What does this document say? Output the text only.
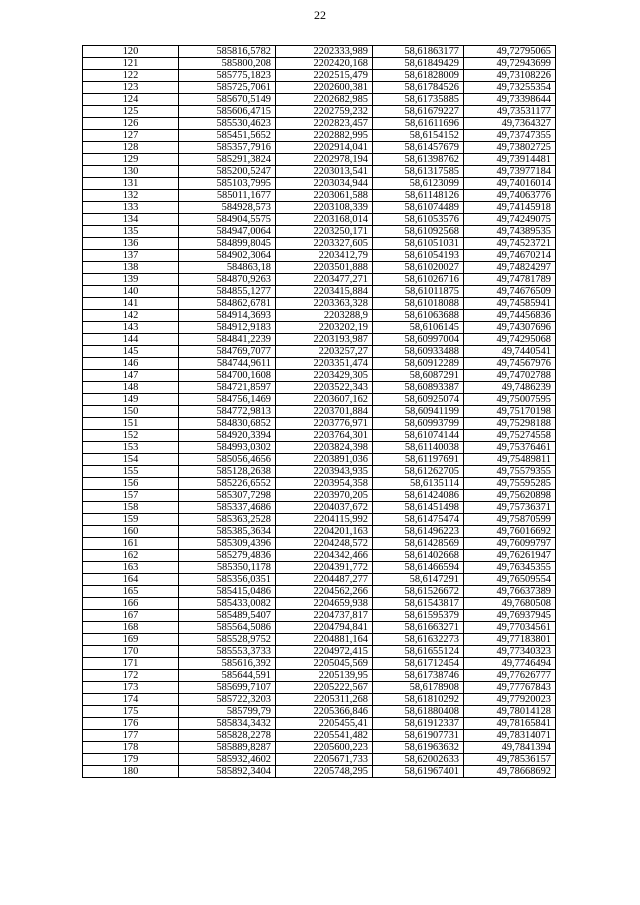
22
120	585816,5782	2202333,989	58,61863177	49,72795065
121	585800,208	2202420,168	58,61849429	49,72943699
122	585775,1823	2202515,479	58,61828009	49,73108226
123	585725,7061	2202600,381	58,61784526	49,73255354
124	585670,5149	2202682,985	58,61735885	49,73398644
125	585606,4715	2202759,232	58,61679227	49,73531177
126	585530,4623	2202823,457	58,61611696	49,7364327
127	585451,5652	2202882,995	58,6154152	49,73747355
128	585357,7916	2202914,041	58,61457679	49,73802725
129	585291,3824	2202978,194	58,61398762	49,73914481
130	585200,5247	2203013,541	58,61317585	49,73977184
131	585103,7995	2203034,944	58,6123099	49,74016014
132	585011,1677	2203061,588	58,61148126	49,74063776
133	584928,573	2203108,339	58,61074489	49,74145918
134	584904,5575	2203168,014	58,61053576	49,74249075
135	584947,0064	2203250,171	58,61092568	49,74389535
136	584899,8045	2203327,605	58,61051031	49,74523721
137	584902,3064	2203412,79	58,61054193	49,74670214
138	584863,18	2203501,888	58,61020027	49,74824297
139	584870,9263	2203477,271	58,61026716	49,74781789
140	584855,1277	2203415,884	58,61011875	49,74676509
141	584862,6781	2203363,328	58,61018088	49,74585941
142	584914,3693	2203288,9	58,61063688	49,74456836
143	584912,9183	2203202,19	58,6106145	49,74307696
144	584841,2239	2203193,987	58,60997004	49,74295068
145	584769,7077	2203257,27	58,60933488	49,7440541
146	584744,9611	2203351,474	58,60912289	49,74567976
147	584700,1608	2203429,305	58,6087291	49,74702788
148	584721,8597	2203522,343	58,60893387	49,7486239
149	584756,1469	2203607,162	58,60925074	49,75007595
150	584772,9813	2203701,884	58,60941199	49,75170198
151	584830,6852	2203776,971	58,60993799	49,75298188
152	584920,3394	2203764,301	58,61074144	49,75274558
153	584993,0302	2203824,398	58,61140038	49,75376461
154	585056,4656	2203891,036	58,61197691	49,75489811
155	585128,2638	2203943,935	58,61262705	49,75579355
156	585226,6552	2203954,358	58,6135114	49,75595285
157	585307,7298	2203970,205	58,61424086	49,75620898
158	585337,4686	2204037,672	58,61451498	49,75736371
159	585363,2528	2204115,992	58,61475474	49,75870599
160	585385,3634	2204201,163	58,61496223	49,76016692
161	585309,4396	2204248,572	58,61428569	49,76099797
162	585279,4836	2204342,466	58,61402668	49,76261947
163	585350,1178	2204391,772	58,61466594	49,76345355
164	585356,0351	2204487,277	58,6147291	49,76509554
165	585415,0486	2204562,266	58,61526672	49,76637389
166	585433,0082	2204659,938	58,61543817	49,7680508
167	585489,5407	2204737,817	58,61595379	49,76937945
168	585564,5086	2204794,841	58,61663271	49,77034561
169	585528,9752	2204881,164	58,61632273	49,77183801
170	585553,3733	2204972,415	58,61655124	49,77340323
171	585616,392	2205045,569	58,61712454	49,7746494
172	585644,591	2205139,95	58,61738746	49,77626777
173	585699,7107	2205222,567	58,6178908	49,77767843
174	585722,3203	2205311,268	58,61810292	49,77920023
175	585799,79	2205366,846	58,61880408	49,78014128
176	585834,3432	2205455,41	58,61912337	49,78165841
177	585828,2278	2205541,482	58,61907731	49,78314071
178	585889,8287	2205600,223	58,61963632	49,7841394
179	585932,4602	2205671,733	58,62002633	49,78536157
180	585892,3404	2205748,295	58,61967401	49,78668692
